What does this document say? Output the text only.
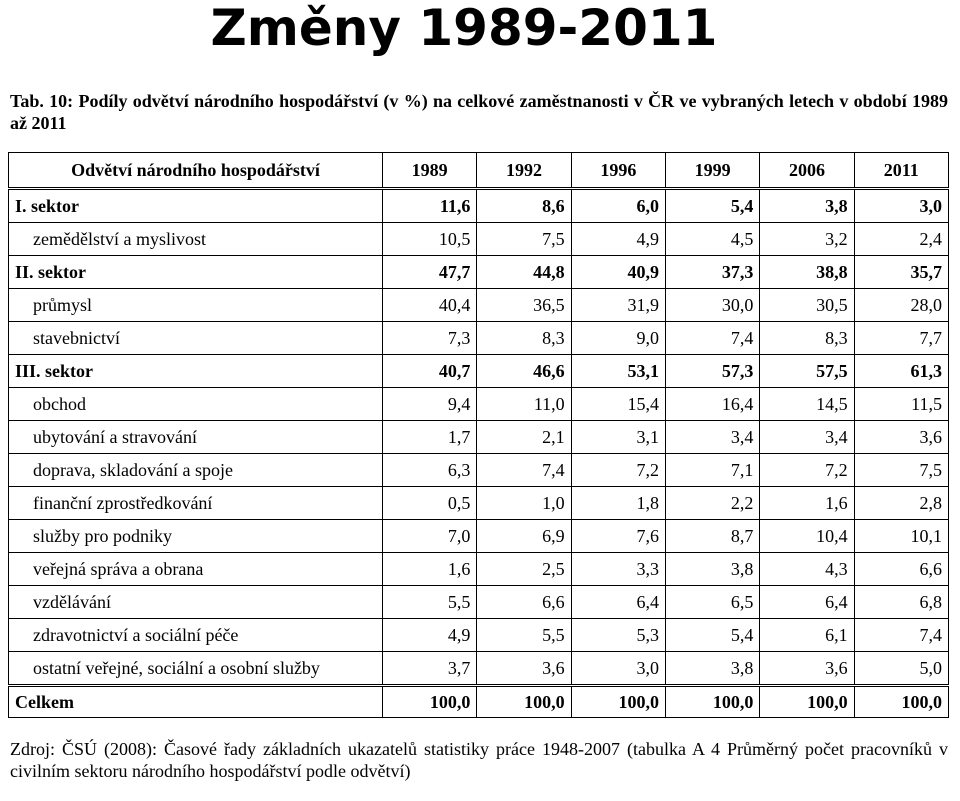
Změny 1989-2011
Tab. 10: Podíly odvětví národního hospodářství (v %) na celkové zaměstnanosti v ČR ve vybraných letech v období 1989 až 2011
Odvětví národního hospodářství	1989	1992	1996	1999	2006	2011
I. sektor	11,6	8,6	6,0	5,4	3,8	3,0
zemědělství a myslivost	10,5	7,5	4,9	4,5	3,2	2,4
II. sektor	47,7	44,8	40,9	37,3	38,8	35,7
průmysl	40,4	36,5	31,9	30,0	30,5	28,0
stavebnictví	7,3	8,3	9,0	7,4	8,3	7,7
III. sektor	40,7	46,6	53,1	57,3	57,5	61,3
obchod	9,4	11,0	15,4	16,4	14,5	11,5
ubytování a stravování	1,7	2,1	3,1	3,4	3,4	3,6
doprava, skladování a spoje	6,3	7,4	7,2	7,1	7,2	7,5
finanční zprostředkování	0,5	1,0	1,8	2,2	1,6	2,8
služby pro podniky	7,0	6,9	7,6	8,7	10,4	10,1
veřejná správa a obrana	1,6	2,5	3,3	3,8	4,3	6,6
vzdělávání	5,5	6,6	6,4	6,5	6,4	6,8
zdravotnictví a sociální péče	4,9	5,5	5,3	5,4	6,1	7,4
ostatní veřejné, sociální a osobní služby	3,7	3,6	3,0	3,8	3,6	5,0
Celkem	100,0	100,0	100,0	100,0	100,0	100,0
Zdroj: ČSÚ (2008): Časové řady základních ukazatelů statistiky práce 1948-2007 (tabulka A 4 Průměrný počet pracovníků v civilním sektoru národního hospodářství podle odvětví)
